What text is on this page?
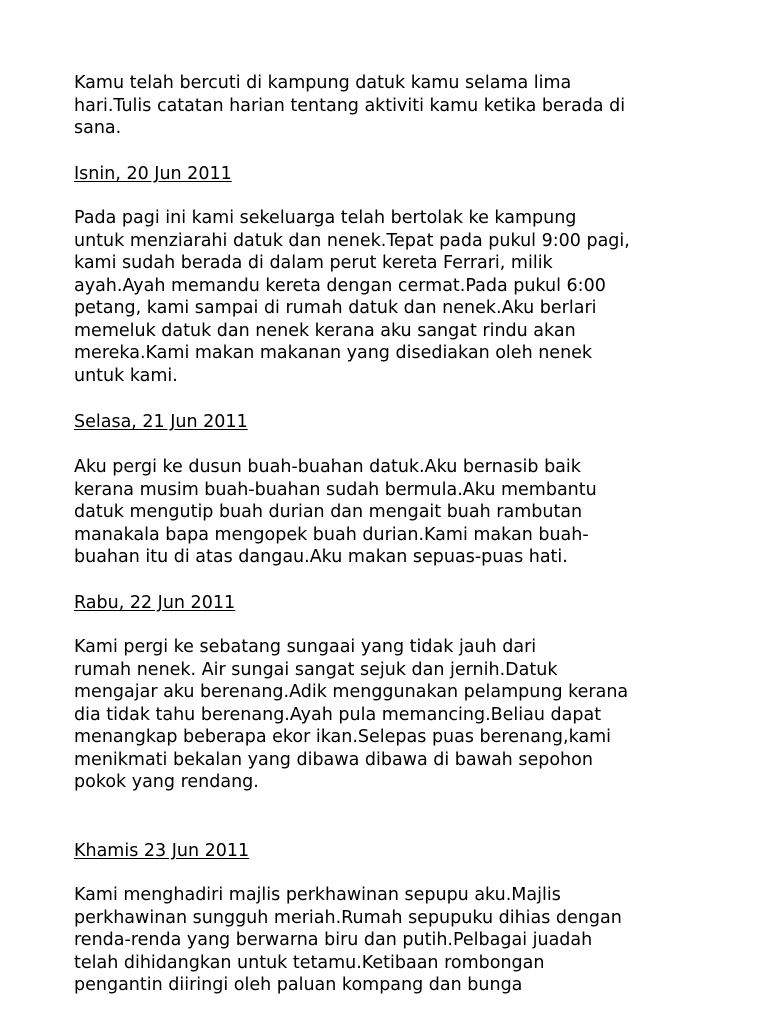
Kamu telah bercuti di kampung datuk kamu selama lima
hari.Tulis catatan harian tentang aktiviti kamu ketika berada di
sana.

Isnin, 20 Jun 2011

Pada pagi ini kami sekeluarga telah bertolak ke kampung
untuk menziarahi datuk dan nenek.Tepat pada pukul 9:00 pagi,
kami sudah berada di dalam perut kereta Ferrari, milik
ayah.Ayah memandu kereta dengan cermat.Pada pukul 6:00
petang, kami sampai di rumah datuk dan nenek.Aku berlari
memeluk datuk dan nenek kerana aku sangat rindu akan
mereka.Kami makan makanan yang disediakan oleh nenek
untuk kami.

Selasa, 21 Jun 2011

Aku pergi ke dusun buah-buahan datuk.Aku bernasib baik
kerana musim buah-buahan sudah bermula.Aku membantu
datuk mengutip buah durian dan mengait buah rambutan
manakala bapa mengopek buah durian.Kami makan buah-
buahan itu di atas dangau.Aku makan sepuas-puas hati.

Rabu, 22 Jun 2011

Kami pergi ke sebatang sungaai yang tidak jauh dari
rumah nenek. Air sungai sangat sejuk dan jernih.Datuk
mengajar aku berenang.Adik menggunakan pelampung kerana
dia tidak tahu berenang.Ayah pula memancing.Beliau dapat
menangkap beberapa ekor ikan.Selepas puas berenang,kami
menikmati bekalan yang dibawa dibawa di bawah sepohon
pokok yang rendang.

Khamis 23 Jun 2011

Kami menghadiri majlis perkhawinan sepupu aku.Majlis
perkhawinan sungguh meriah.Rumah sepupuku dihias dengan
renda-renda yang berwarna biru dan putih.Pelbagai juadah
telah dihidangkan untuk tetamu.Ketibaan rombongan
pengantin diiringi oleh paluan kompang dan bunga
